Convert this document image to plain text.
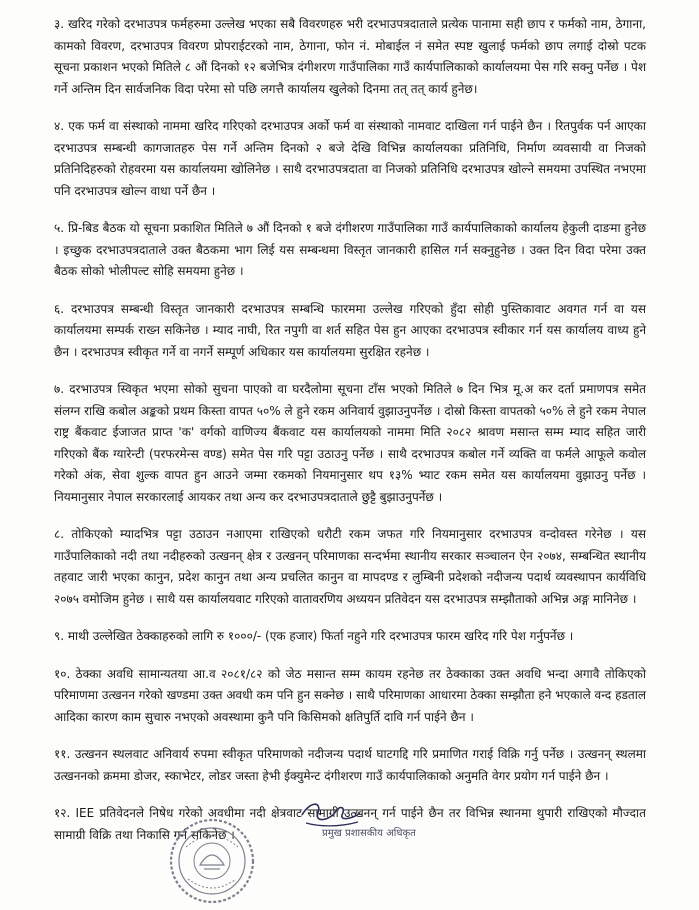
३. खरिद गरेको दरभाउपत्र फर्महरुमा उल्लेख भएका सबै विवरणहरु भरी दरभाउपत्रदाताले प्रत्येक पानामा सही छाप र फर्मको नाम, ठेगाना, कामको विवरण, दरभाउपत्र विवरण प्रोपराईटरको नाम, ठेगाना, फोन नं. मोबाईल नं समेत स्पष्ट खुलाई फर्मको छाप लगाई दोस्रो पटक सूचना प्रकाशन भएको मितिले ८ औं दिनको १२ बजेभित्र दंगीशरण गाउँपालिका गाउँ कार्यपालिकाको कार्यालयमा पेस गरि सक्नु पर्नेछ । पेश गर्ने अन्तिम दिन सार्वजनिक विदा परेमा सो पछि लगत्तै कार्यालय खुलेको दिनमा तत् तत् कार्य हुनेछ।

४. एक फर्म वा संस्थाको नाममा खरिद गरिएको दरभाउपत्र अर्को फर्म वा संस्थाको नामवाट दाखिला गर्न पाईने छैन । रितपुर्वक पर्न आएका दरभाउपत्र सम्बन्धी कागजातहरु पेस गर्ने अन्तिम दिनको २ बजे देखि विभिन्न कार्यालयका प्रतिनिधि, निर्माण व्यवसायी वा निजको प्रतिनिदिहरुको रोहवरमा यस कार्यालयमा खोलिनेछ । साथै दरभाउपत्रदाता वा निजको प्रतिनिधि दरभाउपत्र खोल्ने समयमा उपस्थित नभएमा पनि दरभाउपत्र खोल्न वाधा पर्ने छैन ।

५. प्रि-बिड बैठक यो सूचना प्रकाशित मितिले ७ औं दिनको १ बजे दंगीशरण गाउँपालिका गाउँ कार्यपालिकाको कार्यालय हेकुली दाङमा हुनेछ । इच्छुक दरभाउपत्रदाताले उक्त बैठकमा भाग लिई यस सम्बन्धमा विस्तृत जानकारी हासिल गर्न सक्नुहुनेछ । उक्त दिन विदा परेमा उक्त बैठक सोको भोलीपल्ट सोहि समयमा हुनेछ ।

६. दरभाउपत्र सम्बन्धी विस्तृत जानकारी दरभाउपत्र सम्बन्धि फारममा उल्लेख गरिएको हुँदा सोही पुस्तिकावाट अवगत गर्न वा यस कार्यालयमा सम्पर्क राख्न सकिनेछ । म्याद नाघी, रित नपुगी वा शर्त सहित पेस हुन आएका दरभाउपत्र स्वीकार गर्न यस कार्यालय वाध्य हुने छैन । दरभाउपत्र स्वीकृत गर्ने वा नगर्ने सम्पूर्ण अधिकार यस कार्यालयमा सुरक्षित रहनेछ ।

७. दरभाउपत्र स्विकृत भएमा सोको सुचना पाएको वा घरदैलोमा सूचना टाँस भएको मितिले ७ दिन भित्र मू.अ कर दर्ता प्रमाणपत्र समेत संलग्न राखि कबोल अङ्कको प्रथम किस्ता वापत ५०% ले हुने रकम अनिवार्य वुझाउनुपर्नेछ । दोस्रो किस्ता वापतको ५०% ले हुने रकम नेपाल राष्ट्र बैंकवाट ईजाजत प्राप्त 'क' वर्गको वाणिज्य बैंकवाट यस कार्यालयको नाममा मिति २०८२ श्रावण मसान्त सम्म म्याद सहित जारी गरिएको बैंक ग्यारेन्टी (परफरमेन्स वण्ड) समेत पेस गरि पट्टा उठाउनु पर्नेछ । साथै दरभाउपत्र कबोल गर्ने व्यक्ति वा फर्मले आफूले कवोल गरेको अंक, सेवा शुल्क वापत हुन आउने जम्मा रकमको नियमानुसार थप १३% भ्याट रकम समेत यस कार्यालयमा वुझाउनु पर्नेछ । नियमानुसार नेपाल सरकारलाई आयकर तथा अन्य कर दरभाउपत्रदाताले छुट्टै बुझाउनुपर्नेछ ।

८. तोकिएको म्यादभित्र पट्टा उठाउन नआएमा राखिएको धरौटी रकम जफत गरि नियमानुसार दरभाउपत्र वन्दोवस्त गरेनेछ । यस गाउँपालिकाको नदी तथा नदीहरुको उत्खनन् क्षेत्र र उत्खनन् परिमाणका सन्दर्भमा स्थानीय सरकार सञ्चालन ऐन २०७४, सम्बन्धित स्थानीय तहवाट जारी भएका कानुन, प्रदेश कानुन तथा अन्य प्रचलित कानुन वा मापदण्ड र लुम्बिनी प्रदेशको नदीजन्य पदार्थ व्यवस्थापन कार्यविधि २०७५ वमोजिम हुनेछ । साथै यस कार्यालयवाट गरिएको वातावरणिय अध्ययन प्रतिवेदन यस दरभाउपत्र सम्झौताको अभिन्न अङ्ग मानिनेछ ।

९. माथी उल्लेखित ठेक्काहरुको लागि रु १०००/- (एक हजार) फिर्ता नहुने गरि दरभाउपत्र फारम खरिद गरि पेश गर्नुपर्नेछ ।

१०. ठेक्का अवधि सामान्यतया आ.व २०८१/८२ को जेठ मसान्त सम्म कायम रहनेछ तर ठेक्काका उक्त अवधि भन्दा अगावै तोकिएको परिमाणमा उत्खनन गरेको खण्डमा उक्त अवधी कम पनि हुन सक्नेछ । साथै परिमाणका आधारमा ठेक्का सम्झौता हने भएकाले वन्द हडताल आदिका कारण काम सुचारु नभएको अवस्थामा कुनै पनि किसिमको क्षतिपुर्ति दावि गर्न पाईने छैन ।

११. उत्खनन स्थलवाट अनिवार्य रुपमा स्वीकृत परिमाणको नदीजन्य पदार्थ घाटगद्दि गरि प्रमाणित गराई विक्रि गर्नु पर्नेछ । उत्खनन् स्थलमा उत्खननको क्रममा डोजर, स्काभेटर, लोडर जस्ता हेभी ईक्युमेन्ट दंगीशरण गाउँ कार्यपालिकाको अनुमति वेगर प्रयोग गर्न पाईने छैन ।

१२. IEE प्रतिवेदनले निषेध गरेको अवधीमा नदी क्षेत्रवाट सामाग्री उत्खनन् गर्न पाईने छैन तर विभिन्न स्थानमा थुपारी राखिएको मौज्दात सामाग्री विक्रि तथा निकासि गर्न सकिनेछ ।	प्रमुख प्रशासकीय अधिकृत
